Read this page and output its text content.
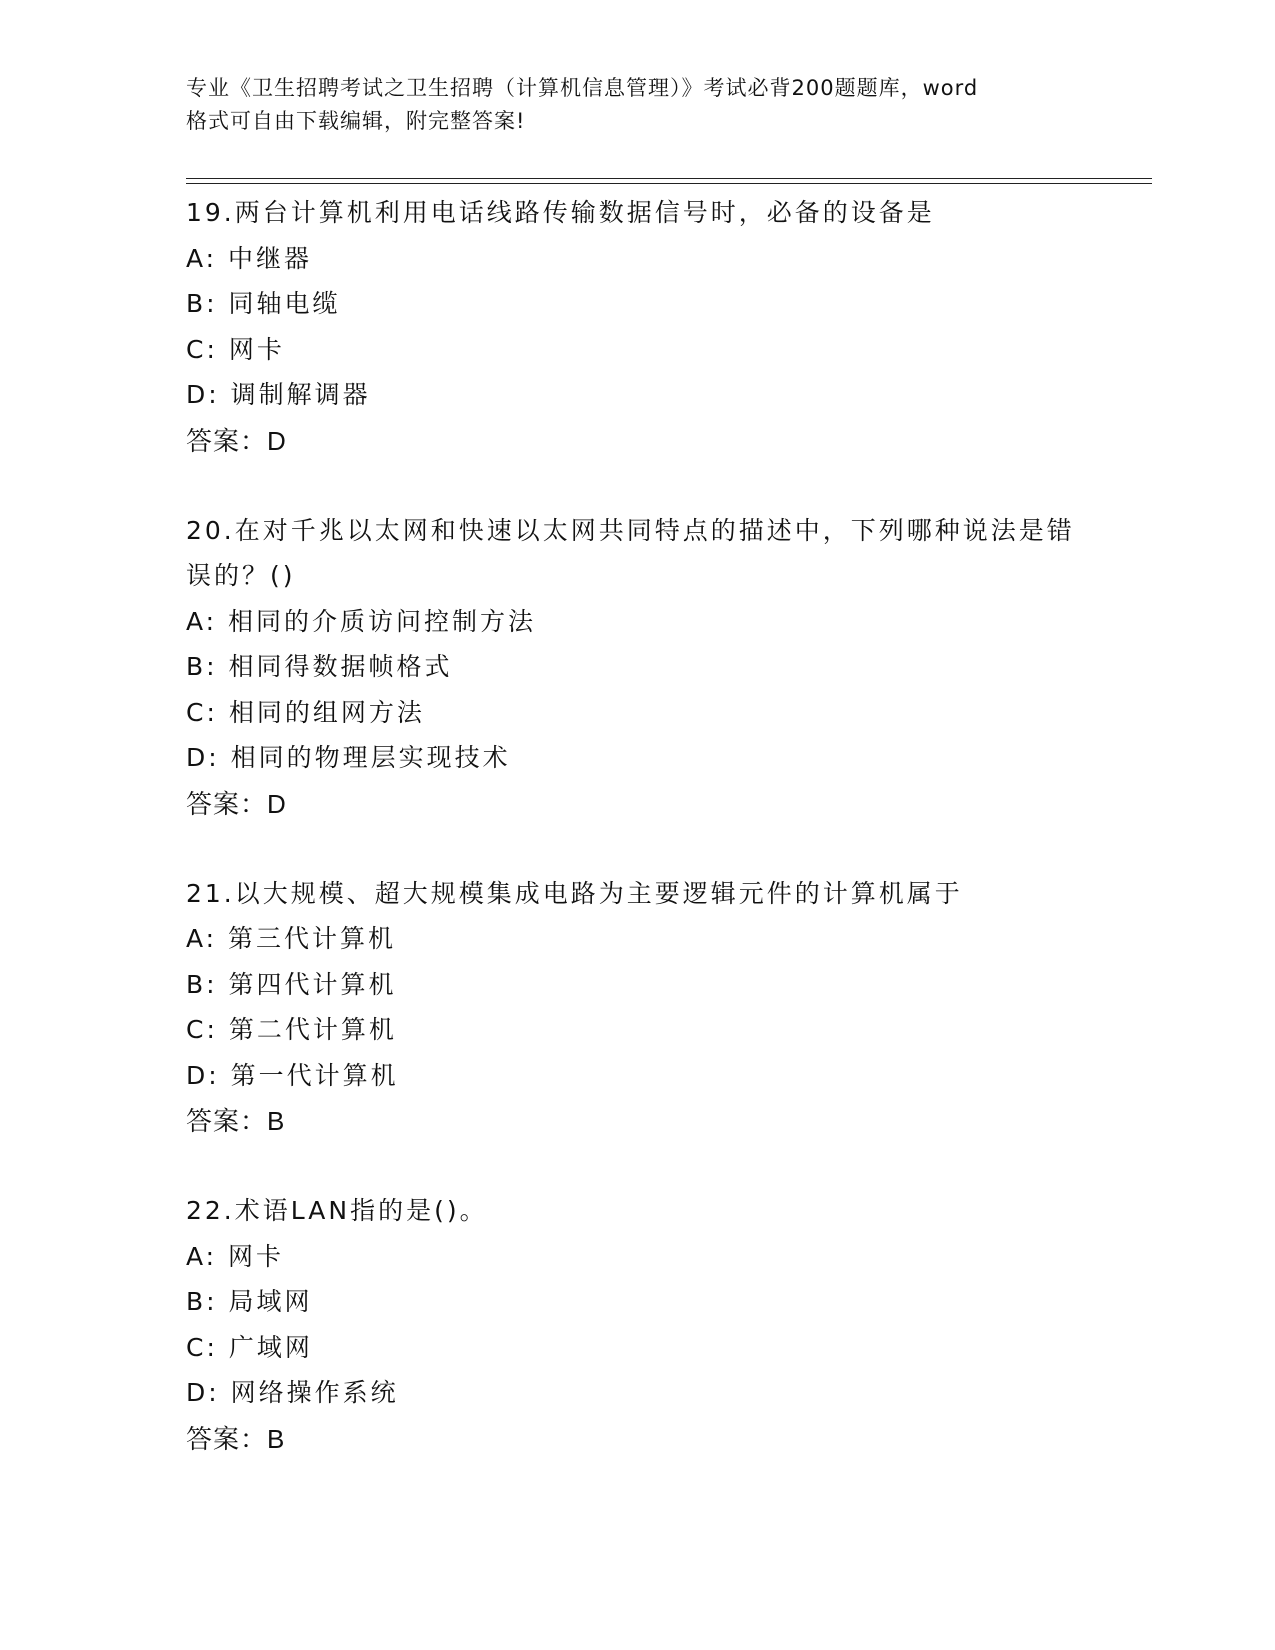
专业《卫生招聘考试之卫生招聘（计算机信息管理）》考试必背200题题库，word
格式可自由下载编辑，附完整答案!
19.两台计算机利用电话线路传输数据信号时，必备的设备是
A: 中继器
B: 同轴电缆
C: 网卡
D: 调制解调器
答案：D
20.在对千兆以太网和快速以太网共同特点的描述中，下列哪种说法是错误的？()
A: 相同的介质访问控制方法
B: 相同得数据帧格式
C: 相同的组网方法
D: 相同的物理层实现技术
答案：D
21.以大规模、超大规模集成电路为主要逻辑元件的计算机属于
A: 第三代计算机
B: 第四代计算机
C: 第二代计算机
D: 第一代计算机
答案：B
22.术语LAN指的是()。
A: 网卡
B: 局域网
C: 广域网
D: 网络操作系统
答案：B
